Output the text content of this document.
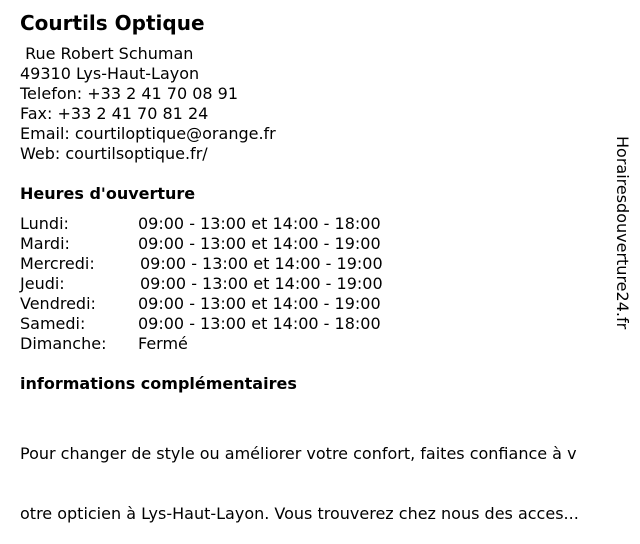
Courtils Optique
Rue Robert Schuman
49310 Lys-Haut-Layon
Telefon: +33 2 41 70 08 91
Fax: +33 2 41 70 81 24
Email: courtiloptique@orange.fr
Web: courtilsoptique.fr/
Heures d'ouverture
Lundi:	09:00 - 13:00 et 14:00 - 18:00
Mardi:	09:00 - 13:00 et 14:00 - 19:00
Mercredi:	09:00 - 13:00 et 14:00 - 19:00
Jeudi:	09:00 - 13:00 et 14:00 - 19:00
Vendredi:	09:00 - 13:00 et 14:00 - 19:00
Samedi:	09:00 - 13:00 et 14:00 - 18:00
Dimanche: Fermé
informations complémentaires

Pour changer de style ou améliorer votre confort, faites confiance à v

otre opticien à Lys-Haut-Layon. Vous trouverez chez nous des acces...

Horairesdouverture24.fr
